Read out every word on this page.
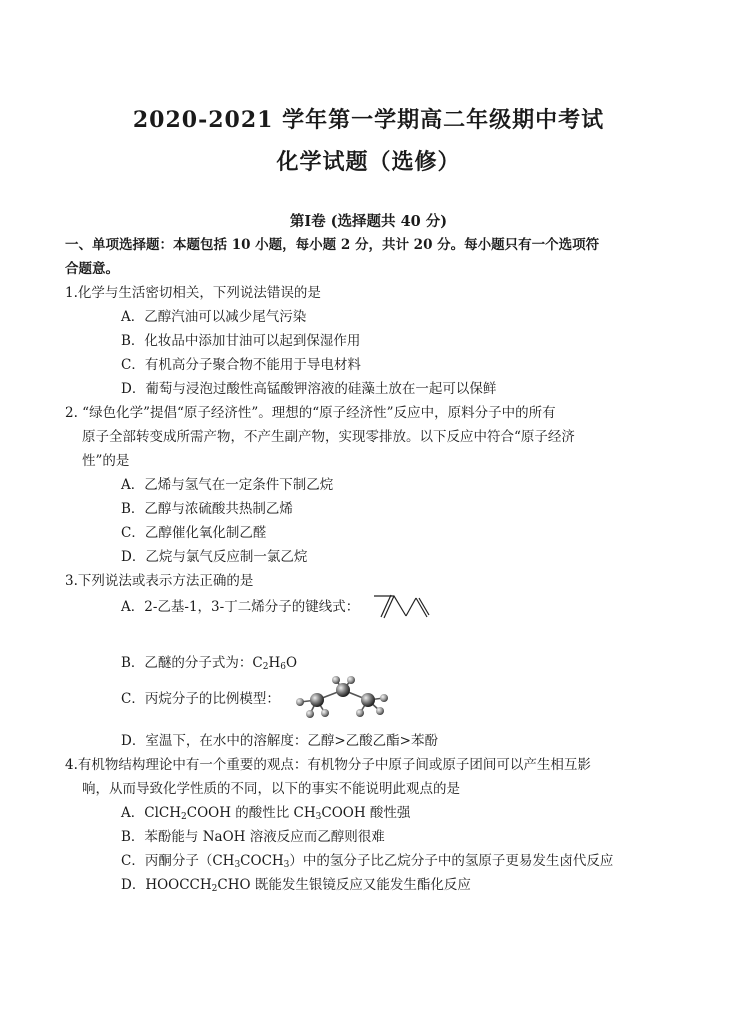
2020-2021 学年第一学期高二年级期中考试
化学试题（选修）
第Ⅰ卷 (选择题共 40 分)
一、单项选择题：本题包括 10 小题，每小题 2 分，共计 20 分。每小题只有一个选项符
合题意。
1.化学与生活密切相关，下列说法错误的是
A．乙醇汽油可以减少尾气污染
B．化妆品中添加甘油可以起到保湿作用
C．有机高分子聚合物不能用于导电材料
D．葡萄与浸泡过酸性高锰酸钾溶液的硅藻土放在一起可以保鲜
2. “绿色化学”提倡“原子经济性”。理想的“原子经济性”反应中，原料分子中的所有
原子全部转变成所需产物，不产生副产物，实现零排放。以下反应中符合“原子经济
性”的是
A．乙烯与氢气在一定条件下制乙烷
B．乙醇与浓硫酸共热制乙烯
C．乙醇催化氧化制乙醛
D．乙烷与氯气反应制一氯乙烷
3.下列说法或表示方法正确的是
A．2-乙基-1，3-丁二烯分子的键线式：
B．乙醚的分子式为：$C_2H_6O$
C．丙烷分子的比例模型：
D．室温下，在水中的溶解度：乙醇>乙酸乙酯>苯酚
4.有机物结构理论中有一个重要的观点：有机物分子中原子间或原子团间可以产生相互影
响，从而导致化学性质的不同，以下的事实不能说明此观点的是
A．ClCH$_2$COOH 的酸性比 $CH_3COOH$ 酸性强
B．苯酚能与 NaOH 溶液反应而乙醇则很难
C．丙酮分子$(CH_3COCH_3)$中的氢分子比乙烷分子中的氢原子更易发生卤代反应
D．$HOOCCH_2CHO$ 既能发生银镜反应又能发生酯化反应
